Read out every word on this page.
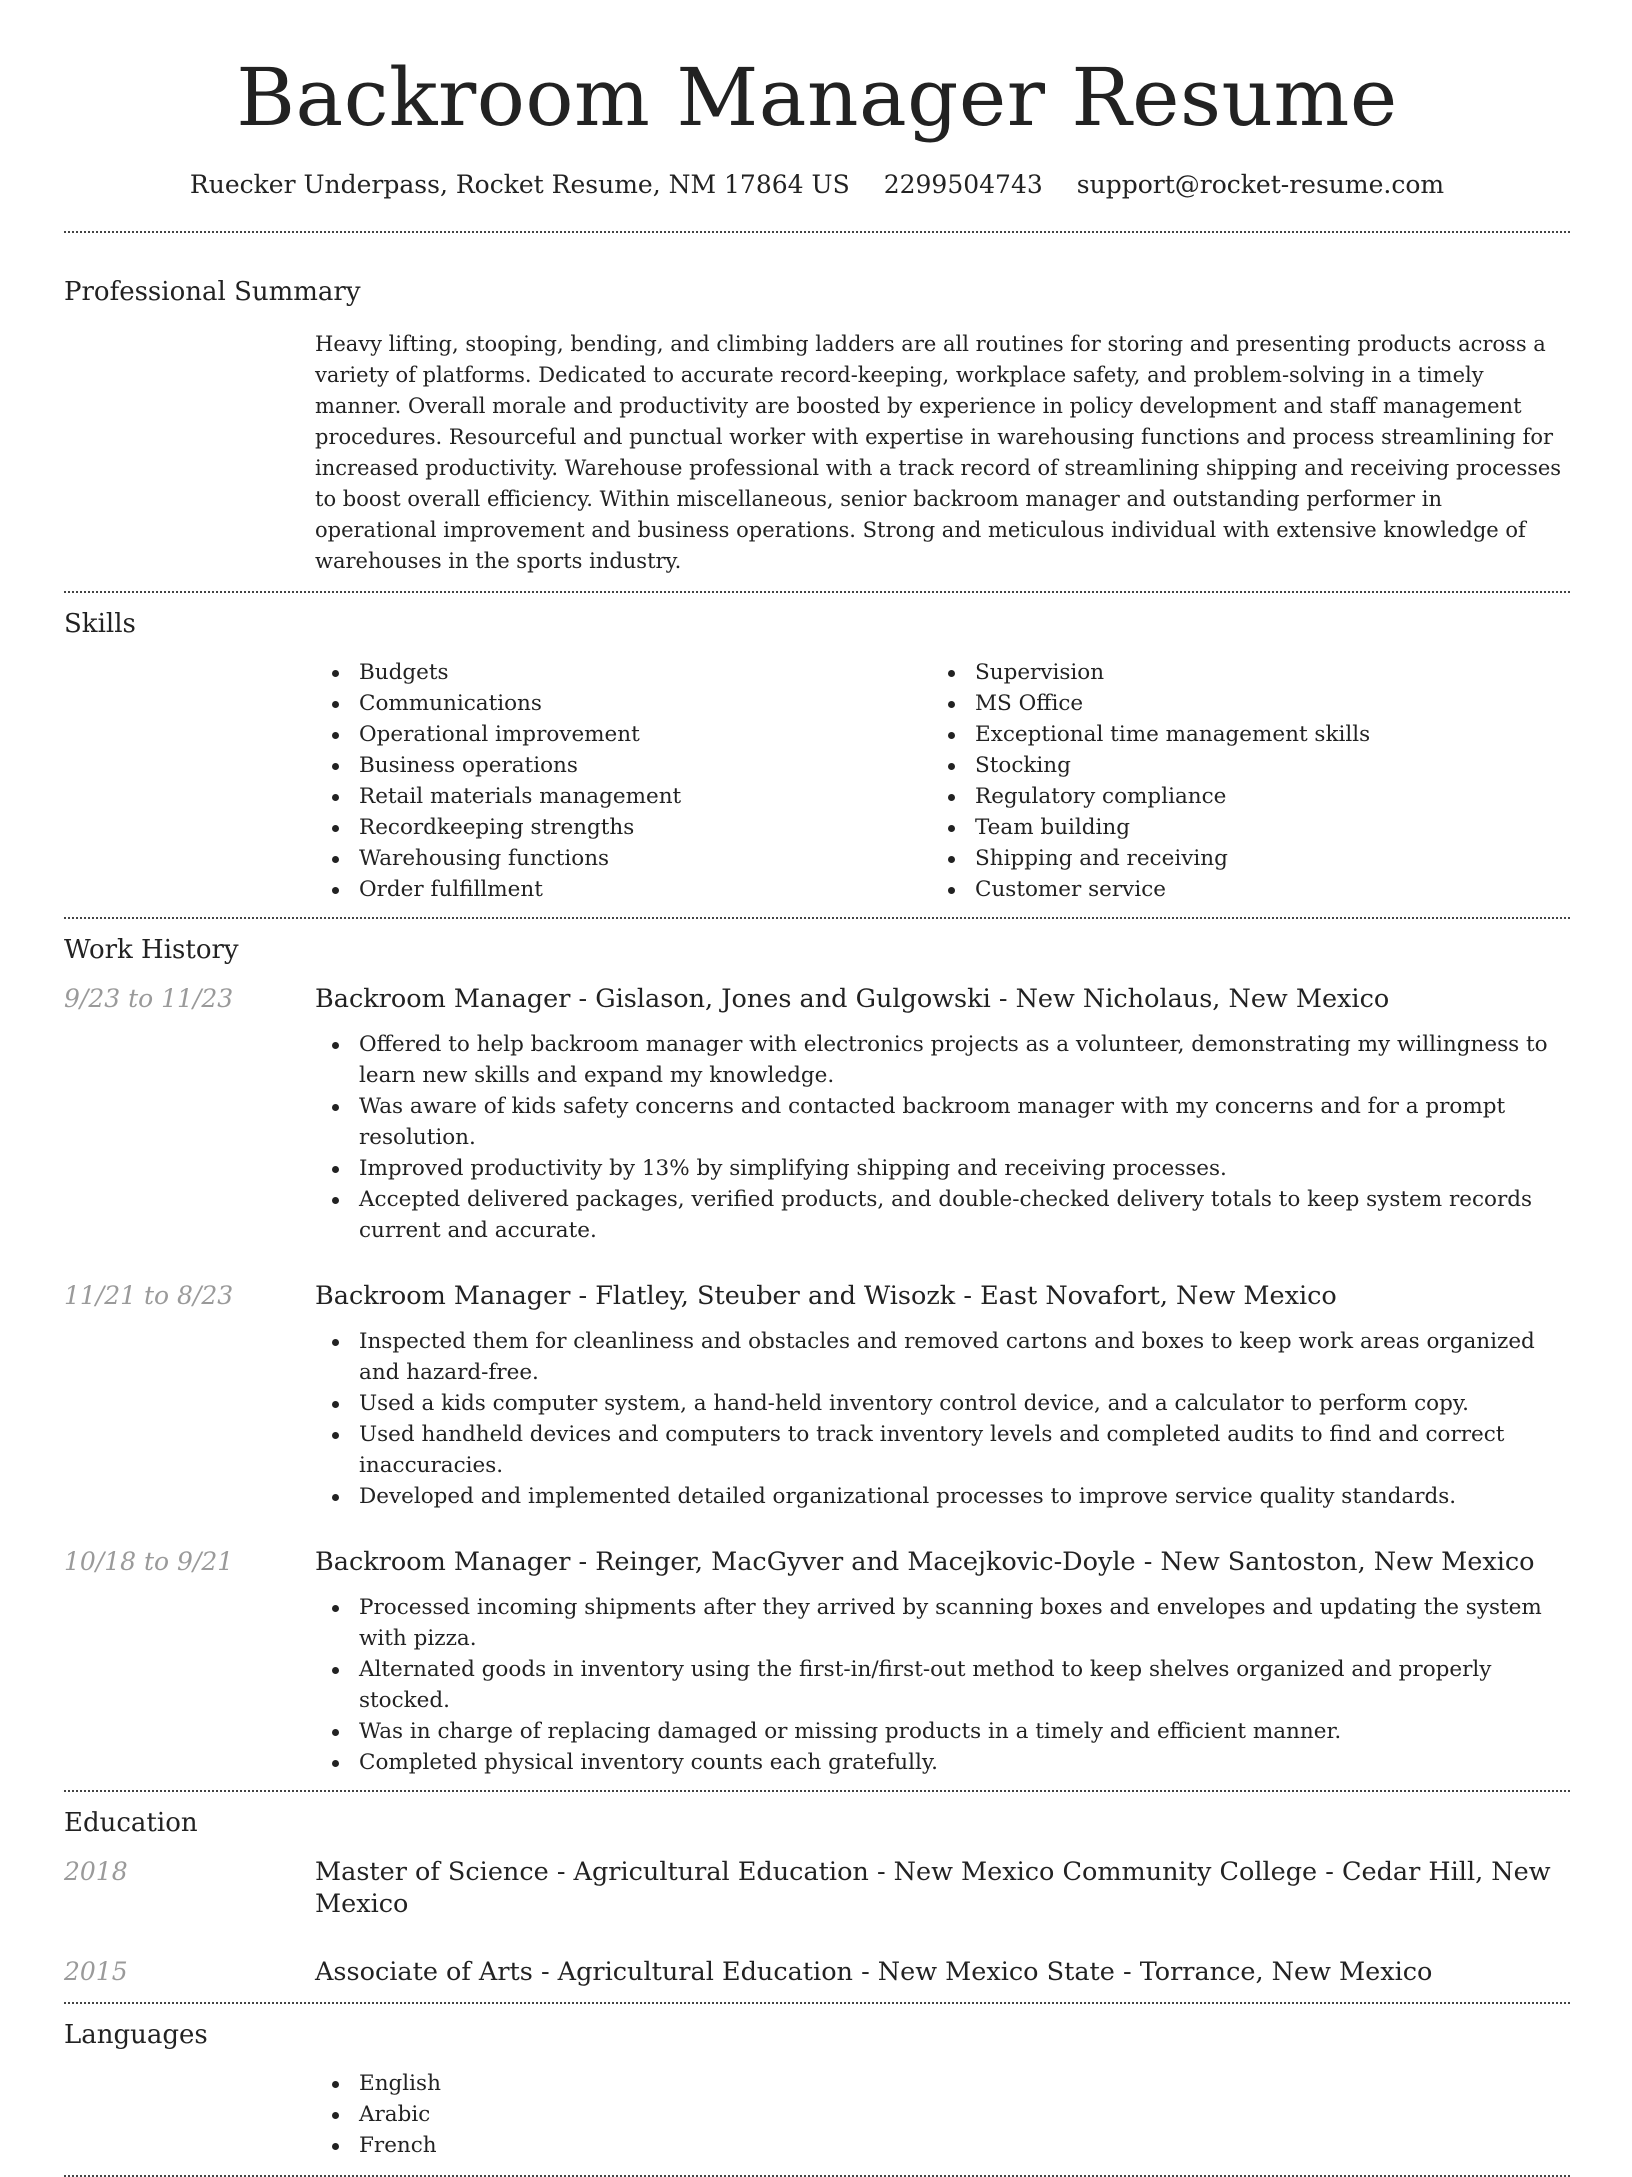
Backroom Manager Resume
Ruecker Underpass, Rocket Resume, NM 17864 US 2299504743 support@rocket-resume.com
Professional Summary
Heavy lifting, stooping, bending, and climbing ladders are all routines for storing and presenting products across a variety of platforms. Dedicated to accurate record-keeping, workplace safety, and problem-solving in a timely manner. Overall morale and productivity are boosted by experience in policy development and staff management procedures. Resourceful and punctual worker with expertise in warehousing functions and process streamlining for increased productivity. Warehouse professional with a track record of streamlining shipping and receiving processes to boost overall efficiency. Within miscellaneous, senior backroom manager and outstanding performer in operational improvement and business operations. Strong and meticulous individual with extensive knowledge of warehouses in the sports industry.
Skills
Budgets
Communications
Operational improvement
Business operations
Retail materials management
Recordkeeping strengths
Warehousing functions
Order fulfillment
Supervision
MS Office
Exceptional time management skills
Stocking
Regulatory compliance
Team building
Shipping and receiving
Customer service
Work History
9/23 to 11/23	Backroom Manager - Gislason, Jones and Gulgowski - New Nicholaus, New Mexico
Offered to help backroom manager with electronics projects as a volunteer, demonstrating my willingness to learn new skills and expand my knowledge.
Was aware of kids safety concerns and contacted backroom manager with my concerns and for a prompt resolution.
Improved productivity by 13% by simplifying shipping and receiving processes.
Accepted delivered packages, verified products, and double-checked delivery totals to keep system records current and accurate.
11/21 to 8/23	Backroom Manager - Flatley, Steuber and Wisozk - East Novafort, New Mexico
Inspected them for cleanliness and obstacles and removed cartons and boxes to keep work areas organized and hazard-free.
Used a kids computer system, a hand-held inventory control device, and a calculator to perform copy.
Used handheld devices and computers to track inventory levels and completed audits to find and correct inaccuracies.
Developed and implemented detailed organizational processes to improve service quality standards.
10/18 to 9/21	Backroom Manager - Reinger, MacGyver and Macejkovic-Doyle - New Santoston, New Mexico
Processed incoming shipments after they arrived by scanning boxes and envelopes and updating the system with pizza.
Alternated goods in inventory using the first-in/first-out method to keep shelves organized and properly stocked.
Was in charge of replacing damaged or missing products in a timely and efficient manner.
Completed physical inventory counts each gratefully.
Education
2018	Master of Science - Agricultural Education - New Mexico Community College - Cedar Hill, New Mexico
2015	Associate of Arts - Agricultural Education - New Mexico State - Torrance, New Mexico
Languages
English
Arabic
French
